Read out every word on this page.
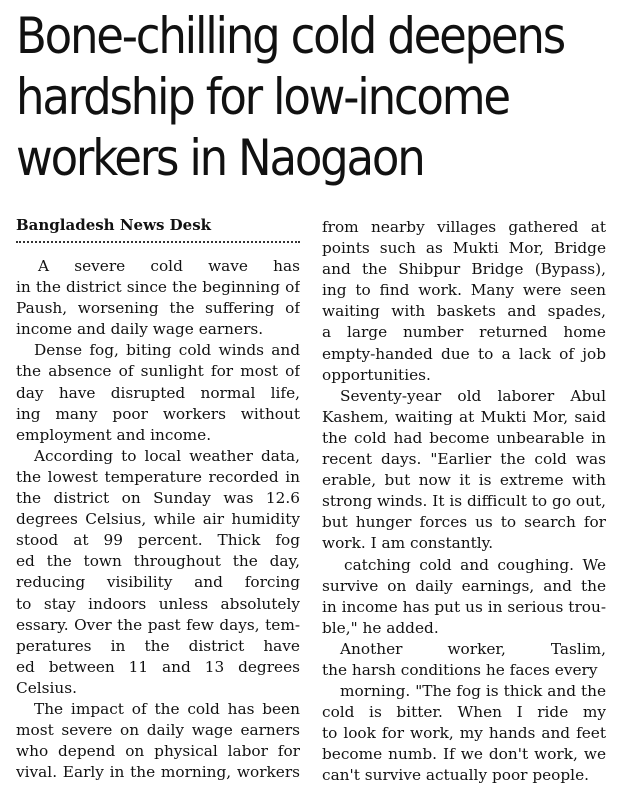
Bone-chilling cold deepens
hardship for low-income
workers in Naogaon
Bangladesh News Desk
A severe cold wave has
in the district since the beginning of
Paush, worsening the suffering of
income and daily wage earners.
Dense fog, biting cold winds and
the absence of sunlight for most of
day have disrupted normal life,
ing many poor workers without
employment and income.
According to local weather data,
the lowest temperature recorded in
the district on Sunday was 12.6
degrees Celsius, while air humidity
stood at 99 percent. Thick fog
ed the town throughout the day,
reducing visibility and forcing
to stay indoors unless absolutely
essary. Over the past few days, tem-
peratures in the district have
ed between 11 and 13 degrees
Celsius.
The impact of the cold has been
most severe on daily wage earners
who depend on physical labor for
vival. Early in the morning, workers
from nearby villages gathered at
points such as Mukti Mor, Bridge
and the Shibpur Bridge (Bypass),
ing to find work. Many were seen
waiting with baskets and spades,
a large number returned home
empty-handed due to a lack of job
opportunities.
Seventy-year old laborer Abul
Kashem, waiting at Mukti Mor, said
the cold had become unbearable in
recent days. "Earlier the cold was
erable, but now it is extreme with
strong winds. It is difficult to go out,
but hunger forces us to search for
work. I am constantly.
catching cold and coughing. We
survive on daily earnings, and the
in income has put us in serious trou-
ble," he added.
Another worker, Taslim,
the harsh conditions he faces every
morning. "The fog is thick and the
cold is bitter. When I ride my
to look for work, my hands and feet
become numb. If we don't work, we
can't survive actually poor people.
